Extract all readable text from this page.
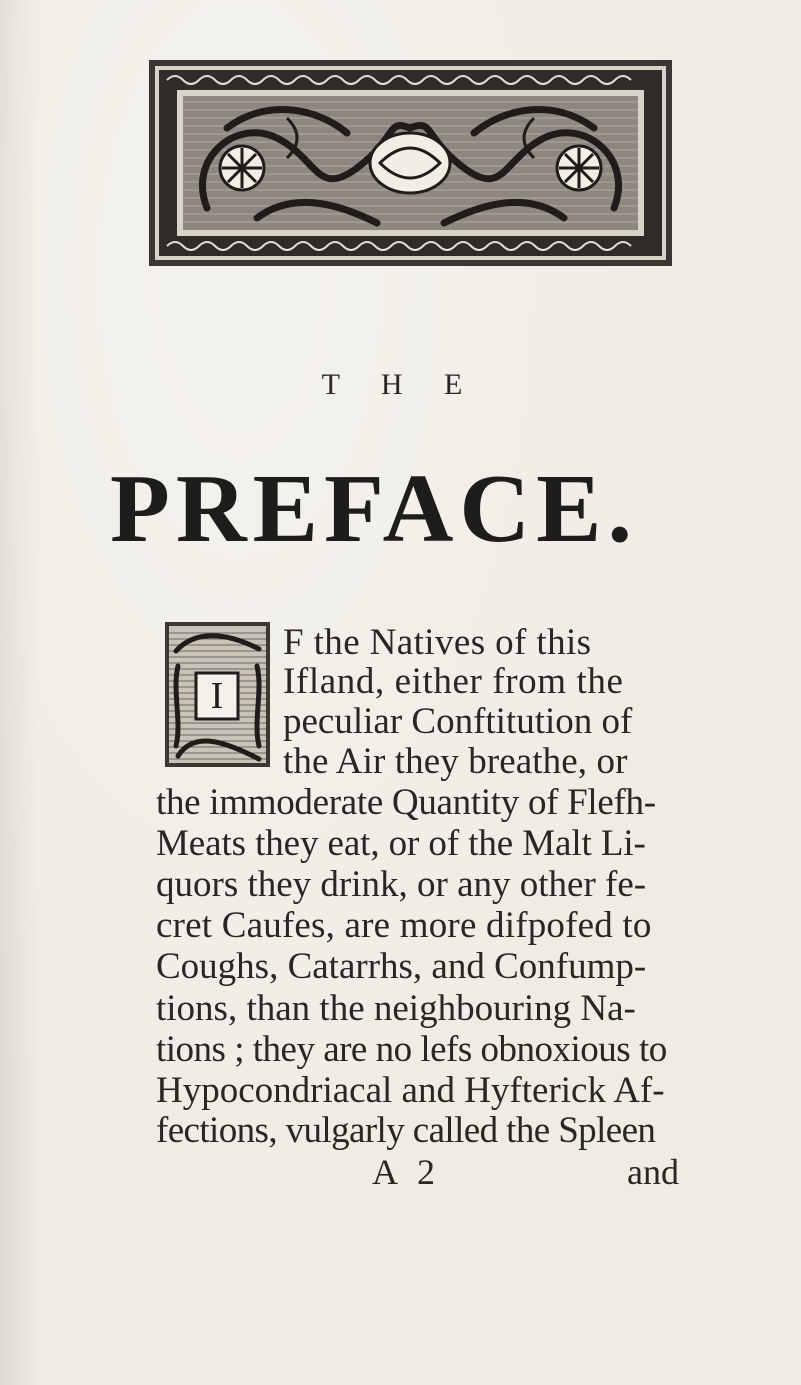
T H E
PREFACE.
I
F the Natives of this
Ifland, either from the
peculiar Conftitution of
the Air they breathe, or
the immoderate Quantity of Flefh-
Meats they eat, or of the Malt Li-
quors they drink, or any other fe-
cret Caufes, are more difpofed to
Coughs, Catarrhs, and Confump-
tions, than the neighbouring Na-
tions ; they are no lefs obnoxious to
Hypocondriacal and Hyfterick Af-
fections, vulgarly called the Spleen
A 2	and
